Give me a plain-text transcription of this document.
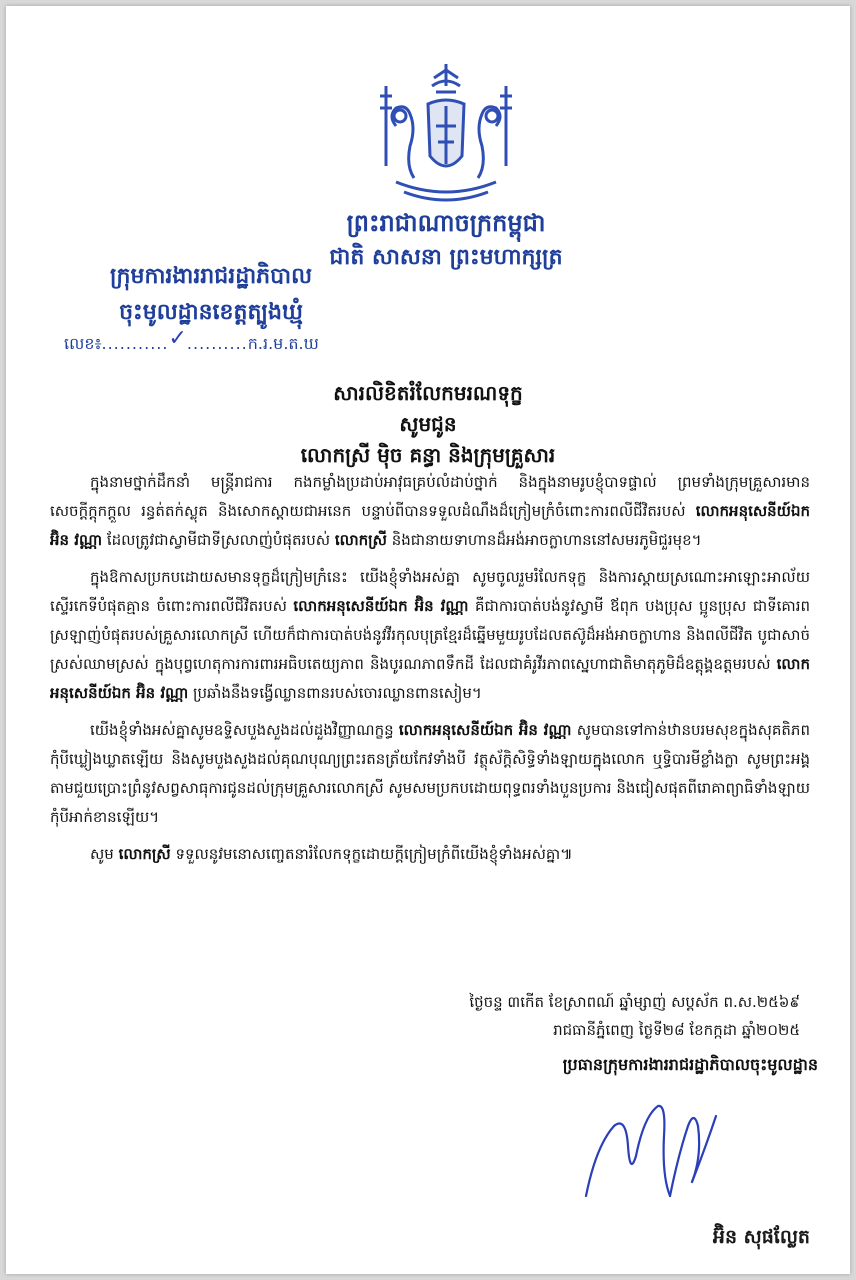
ព្រះរាជាណាចក្រកម្ពុជា
ជាតិ សាសនា ព្រះមហាក្សត្រ
ក្រុមការងាររាជរដ្ឋាភិបាល
ចុះមូលដ្ឋានខេត្តត្បូងឃ្មុំ
លេខ៖...........✓..........ក.រ.ម.ត.ឃ
សារលិខិតរំលែកមរណទុក្ខ
សូមជូន
លោកស្រី ម៉ិច គន្ធា និងក្រុមគ្រួសារ

ក្នុងនាមថ្នាក់ដឹកនាំ មន្ត្រីរាជការ កងកម្លាំងប្រដាប់អាវុធគ្រប់លំដាប់ថ្នាក់ និងក្នុងនាមរូបខ្ញុំបាទផ្ទាល់ ព្រមទាំងក្រុមគ្រួសារមានសេចក្តីក្តុកក្តួល រន្ធត់តក់ស្លុត និងសោកស្តាយជាអនេក បន្ទាប់ពីបានទទួលដំណឹងដ៏ក្រៀមក្រំចំពោះការពលីជីវិតរបស់ លោកអនុសេនីយ៍ឯក អ៊ិន វណ្ណា ដែលត្រូវជាស្វាមីជាទីស្រលាញ់បំផុតរបស់ លោកស្រី និងជានាយទាហានដ៏អង់អាចក្លាហាននៅសមរភូមិជួរមុខ។

ក្នុងឱកាសប្រកបដោយសមានទុក្ខដ៏ក្រៀមក្រំនេះ យើងខ្ញុំទាំងអស់គ្នា សូមចូលរួមរំលែកទុក្ខ និងការស្តាយស្រណោះអាឡោះអាល័យស្ទើរកេទីបំផុតគ្មាន ចំពោះការពលីជីវិតរបស់ លោកអនុសេនីយ៍ឯក អ៊ិន វណ្ណា គឺជាការបាត់បង់នូវស្វាមី ឪពុក បងប្រុស ប្អូនប្រុស ជាទីគោរពស្រឡាញ់បំផុតរបស់គ្រួសារលោកស្រី ហើយក៏ជាការបាត់បង់នូវវីរកុលបុត្រខ្មែរដ៏ឆ្នើមមួយរូបដែលតស៊ូដ៏អង់អាចក្លាហាន និងពលីជីវិត បូជាសាច់ស្រស់ឈាមស្រស់ ក្នុងបុព្វហេតុការការពារអធិបតេយ្យភាព និងបូរណភាពទឹកដី ដែលជាគំរូវីរភាពស្នេហាជាតិមាតុភូមិដ៏ឧត្តុង្គឧត្តមរបស់ លោកអនុសេនីយ៍ឯក អ៊ិន វណ្ណា ប្រឆាំងនឹងទង្វើឈ្លានពានរបស់ចោរឈ្លានពានសៀម។

យើងខ្ញុំទាំងអស់គ្នាសូមឧទ្ទិសបួងសួងដល់ដួងវិញ្ញាណក្ខន្ធ លោកអនុសេនីយ៍ឯក អ៊ិន វណ្ណា សូមបានទៅកាន់ឋានបរមសុខក្នុងសុគតិភពកុំបីឃ្លៀងឃ្លាតឡើយ និងសូមបួងសួងដល់គុណបុណ្យព្រះរតនត្រ័យកែវទាំងបី វត្ថុស័ក្តិសិទ្ធិទាំងឡាយក្នុងលោក ឬទ្ធិបារមីខ្លាំងក្លា សូមព្រះអង្គតាមជួយប្រោះព្រំនូវសព្វសាធុការជូនដល់ក្រុមគ្រួសារលោកស្រី សូមសមប្រកបដោយពុទ្ធពរទាំងបួនប្រការ និងជៀសផុតពីរោគាព្យាធិទាំងឡាយកុំបីអាក់ខានឡើយ។

សូម លោកស្រី ទទួលនូវមនោសញ្ចេតនារំលែកទុក្ខដោយក្តីក្រៀមក្រំពីយើងខ្ញុំទាំងអស់គ្នា៕

ថ្ងៃចន្ទ ៣កើត ខែស្រាពណ៍ ឆ្នាំម្សាញ់ សប្តស័ក ព.ស.២៥៦៩
រាជធានីភ្នំពេញ ថ្ងៃទី២៨ ខែកក្កដា ឆ្នាំ២០២៥
ប្រធានក្រុមការងាររាជរដ្ឋាភិបាលចុះមូលដ្ឋាន
អ៊ិន សុផល្លែត
